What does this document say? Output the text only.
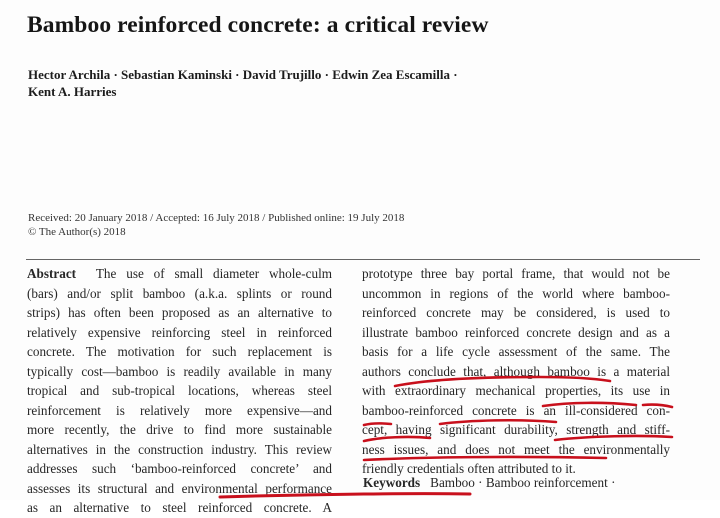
Bamboo reinforced concrete: a critical review
Hector Archila · Sebastian Kaminski · David Trujillo · Edwin Zea Escamilla ·
Kent A. Harries
Received: 20 January 2018 / Accepted: 16 July 2018 / Published online: 19 July 2018
© The Author(s) 2018
Abstract The use of small diameter whole-culm
(bars) and/or split bamboo (a.k.a. splints or round
strips) has often been proposed as an alternative to
relatively expensive reinforcing steel in reinforced
concrete. The motivation for such replacement is
typically cost—bamboo is readily available in many
tropical and sub-tropical locations, whereas steel
reinforcement is relatively more expensive—and
more recently, the drive to find more sustainable
alternatives in the construction industry. This review
addresses such ‘bamboo-reinforced concrete’ and
assesses its structural and environmental performance
as an alternative to steel reinforced concrete. A
prototype three bay portal frame, that would not be
uncommon in regions of the world where bamboo-
reinforced concrete may be considered, is used to
illustrate bamboo reinforced concrete design and as a
basis for a life cycle assessment of the same. The
authors conclude that, although bamboo is a material
with extraordinary mechanical properties, its use in
bamboo-reinforced concrete is an ill-considered con-
cept, having significant durability, strength and stiff-
ness issues, and does not meet the environmentally
friendly credentials often attributed to it.
Keywords Bamboo · Bamboo reinforcement ·
